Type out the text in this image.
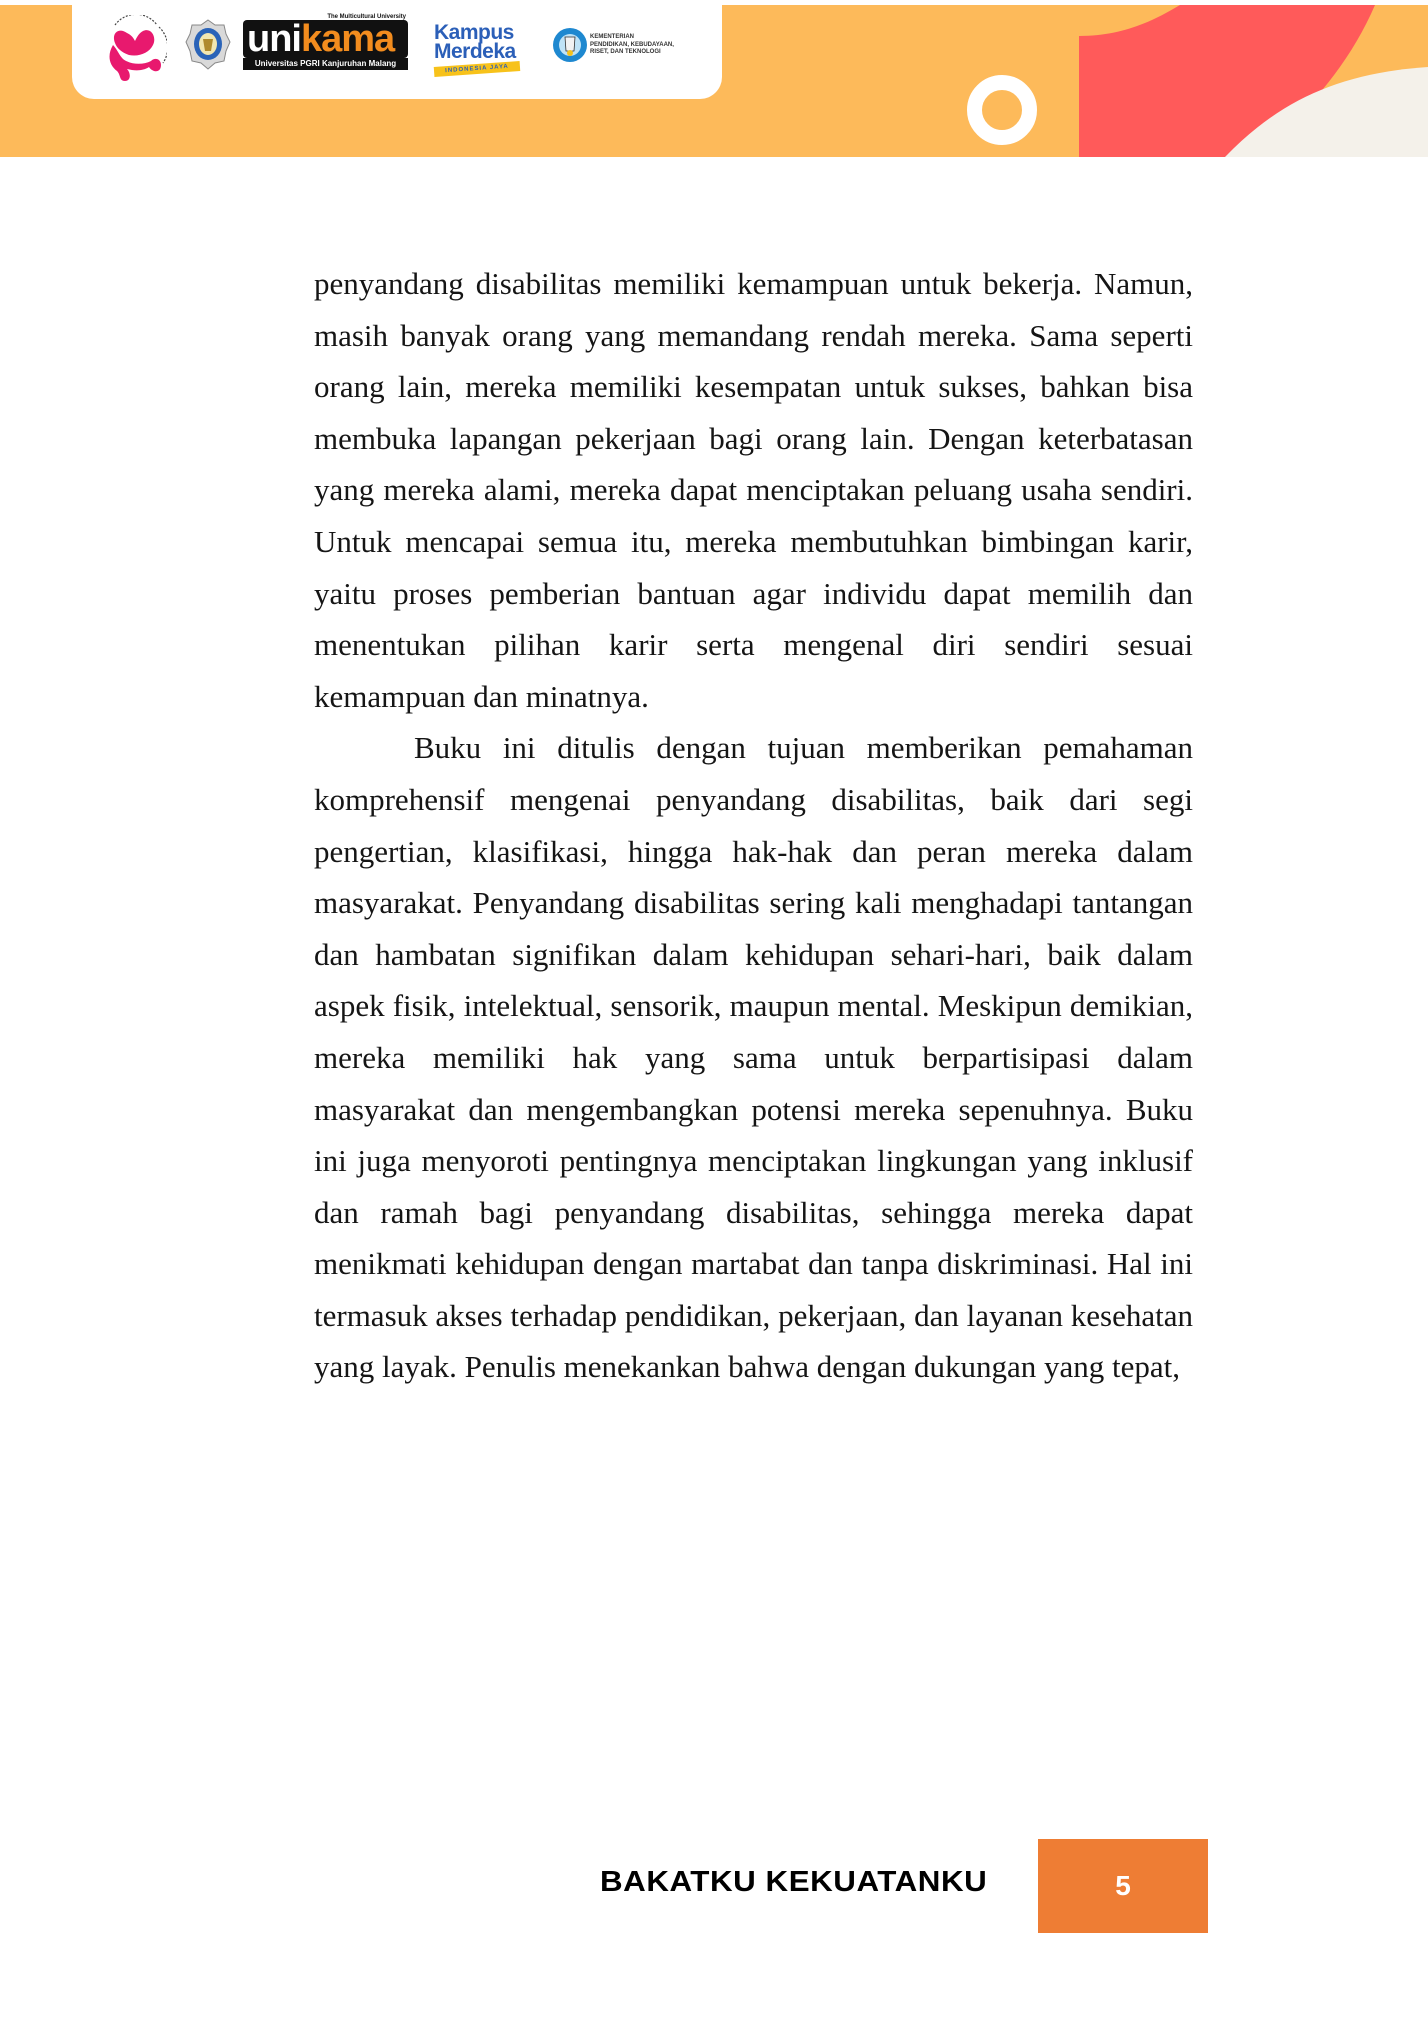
The Multicultural University
unikama
Universitas PGRI Kanjuruhan Malang
Kampus
Merdeka
INDONESIA JAYA
KEMENTERIAN
PENDIDIKAN, KEBUDAYAAN,
RISET, DAN TEKNOLOGI

penyandang disabilitas memiliki kemampuan untuk bekerja. Namun, masih banyak orang yang memandang rendah mereka. Sama seperti orang lain, mereka memiliki kesempatan untuk sukses, bahkan bisa membuka lapangan pekerjaan bagi orang lain. Dengan keterbatasan yang mereka alami, mereka dapat menciptakan peluang usaha sendiri. Untuk mencapai semua itu, mereka membutuhkan bimbingan karir, yaitu proses pemberian bantuan agar individu dapat memilih dan menentukan pilihan karir serta mengenal diri sendiri sesuai kemampuan dan minatnya.

Buku ini ditulis dengan tujuan memberikan pemahaman komprehensif mengenai penyandang disabilitas, baik dari segi pengertian, klasifikasi, hingga hak-hak dan peran mereka dalam masyarakat. Penyandang disabilitas sering kali menghadapi tantangan dan hambatan signifikan dalam kehidupan sehari-hari, baik dalam aspek fisik, intelektual, sensorik, maupun mental. Meskipun demikian, mereka memiliki hak yang sama untuk berpartisipasi dalam masyarakat dan mengembangkan potensi mereka sepenuhnya. Buku ini juga menyoroti pentingnya menciptakan lingkungan yang inklusif dan ramah bagi penyandang disabilitas, sehingga mereka dapat menikmati kehidupan dengan martabat dan tanpa diskriminasi. Hal ini termasuk akses terhadap pendidikan, pekerjaan, dan layanan kesehatan yang layak. Penulis menekankan bahwa dengan dukungan yang tepat,

BAKATKU KEKUATANKU	5
